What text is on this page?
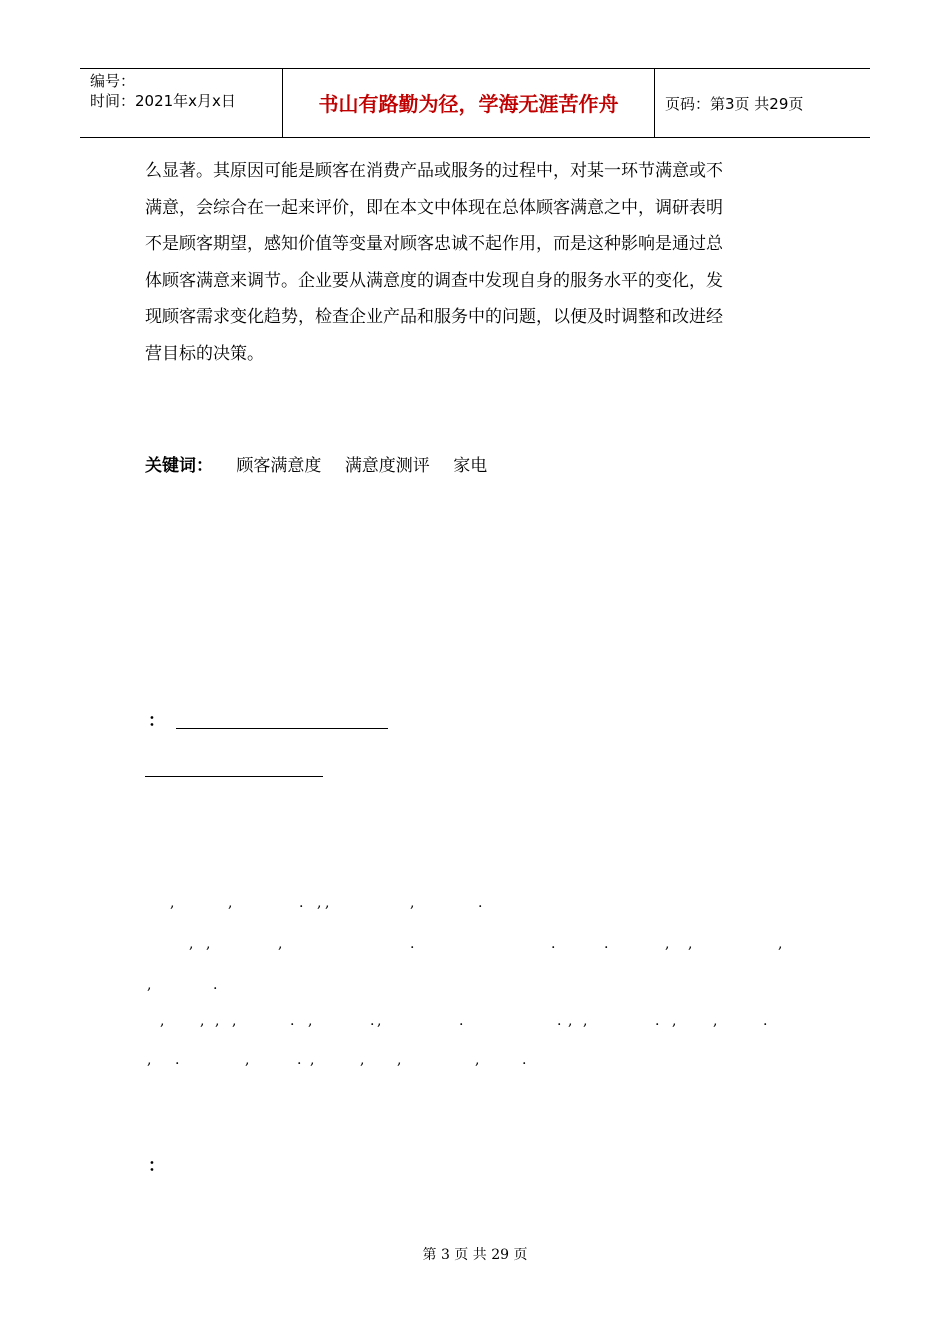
编号：
时间：2021年x月x日	书山有路勤为径，学海无涯苦作舟	页码：第3页 共29页
么显著。其原因可能是顾客在消费产品或服务的过程中，对某一环节满意或不
满意，会综合在一起来评价，即在本文中体现在总体顾客满意之中，调研表明
不是顾客期望，感知价值等变量对顾客忠诚不起作用，而是这种影响是通过总
体顾客满意来调节。企业要从满意度的调查中发现自身的服务水平的变化，发
现顾客需求变化趋势，检查企业产品和服务中的问题，以便及时调整和改进经
营目标的决策。
关键词： 顾客满意度 满意度测评 家电
：
,	,	. , ,	,	.
, ,	,	.	.	.	, ,	,
,	.
,	, , ,	. ,	. ,	.	. , ,	. ,	,	.
, .	,	. ,	, ,	,	.
：
第 3 页 共 29 页
